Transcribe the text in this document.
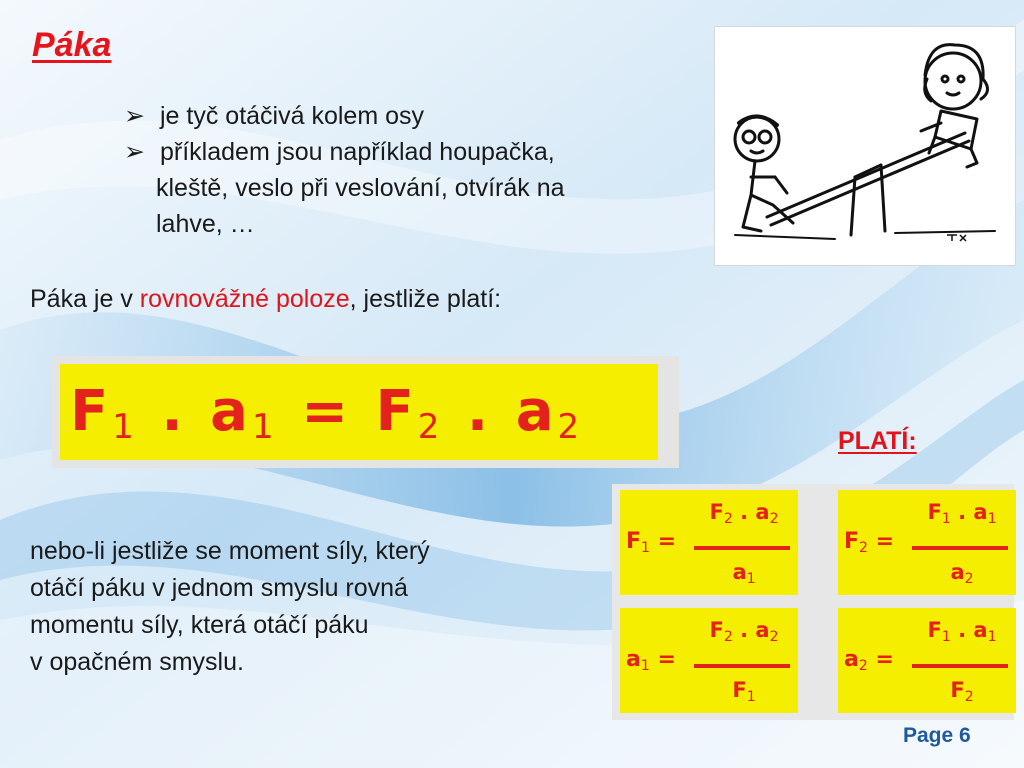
Páka
➢ je tyč otáčivá kolem osy
➢ příkladem jsou například houpačka,
kleště, veslo při veslování, otvírák na
lahve, …
Páka je v rovnovážné poloze, jestliže platí:
$F_1$ . $a_1 = F_2$ . $a_2$	PLATÍ:
nebo-li jestliže se moment síly, který
otáčí páku v jednom smyslu rovná
momentu síly, která otáčí páku
v opačném smyslu.
$F_1$ =
$F_2$ . $a_2$
$a_1$
$F_2$ =
$F_1$ . $a_1$
$a_2$
$a_1$ =
$F_2$ . $a_2$
$F_1$
$a_2$ =
$F_1$ . $a_1$
$F_2$
Page 6
